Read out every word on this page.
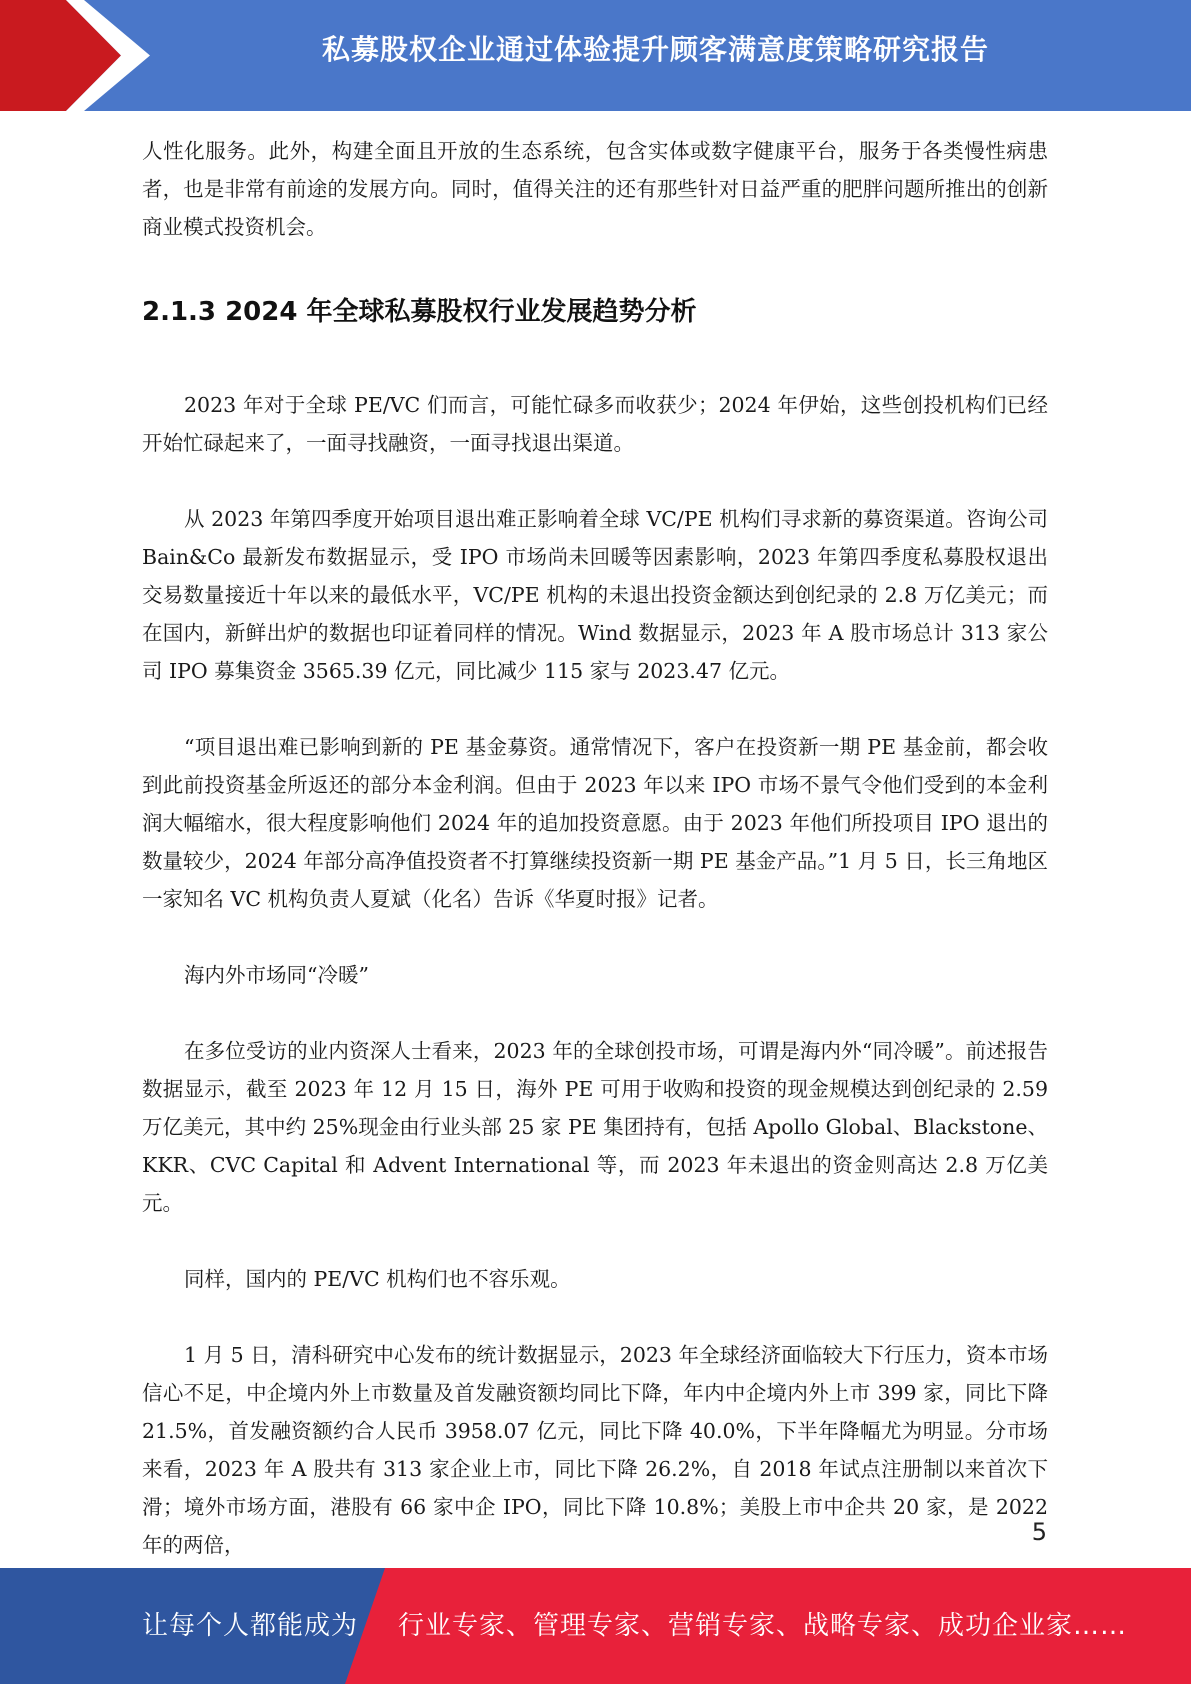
私募股权企业通过体验提升顾客满意度策略研究报告

人性化服务。此外，构建全面且开放的生态系统，包含实体或数字健康平台，服务于各类慢性病患者，也是非常有前途的发展方向。同时，值得关注的还有那些针对日益严重的肥胖问题所推出的创新商业模式投资机会。

2.1.3 2024 年全球私募股权行业发展趋势分析

2023 年对于全球 PE/VC 们而言，可能忙碌多而收获少；2024 年伊始，这些创投机构们已经开始忙碌起来了，一面寻找融资，一面寻找退出渠道。

从 2023 年第四季度开始项目退出难正影响着全球 VC/PE 机构们寻求新的募资渠道。咨询公司 Bain&Co 最新发布数据显示，受 IPO 市场尚未回暖等因素影响，2023 年第四季度私募股权退出交易数量接近十年以来的最低水平，VC/PE 机构的未退出投资金额达到创纪录的 2.8 万亿美元；而在国内，新鲜出炉的数据也印证着同样的情况。Wind 数据显示，2023 年 A 股市场总计 313 家公司 IPO 募集资金 3565.39 亿元，同比减少 115 家与 2023.47 亿元。

“项目退出难已影响到新的 PE 基金募资。通常情况下，客户在投资新一期 PE 基金前，都会收到此前投资基金所返还的部分本金利润。但由于 2023 年以来 IPO 市场不景气令他们受到的本金利润大幅缩水，很大程度影响他们 2024 年的追加投资意愿。由于 2023 年他们所投项目 IPO 退出的数量较少，2024 年部分高净值投资者不打算继续投资新一期 PE 基金产品。”1 月 5 日，长三角地区一家知名 VC 机构负责人夏斌（化名）告诉《华夏时报》记者。

海内外市场同“冷暖”

在多位受访的业内资深人士看来，2023 年的全球创投市场，可谓是海内外“同冷暖”。前述报告数据显示，截至 2023 年 12 月 15 日，海外 PE 可用于收购和投资的现金规模达到创纪录的 2.59 万亿美元，其中约 25%现金由行业头部 25 家 PE 集团持有，包括 Apollo Global、Blackstone、KKR、CVC Capital 和 Advent International 等，而 2023 年未退出的资金则高达 2.8 万亿美元。

同样，国内的 PE/VC 机构们也不容乐观。

1 月 5 日，清科研究中心发布的统计数据显示，2023 年全球经济面临较大下行压力，资本市场信心不足，中企境内外上市数量及首发融资额均同比下降，年内中企境内外上市 399 家，同比下降 21.5%，首发融资额约合人民币 3958.07 亿元，同比下降 40.0%，下半年降幅尤为明显。分市场来看，2023 年 A 股共有 313 家企业上市，同比下降 26.2%，自 2018 年试点注册制以来首次下滑；境外市场方面，港股有 66 家中企 IPO，同比下降 10.8%；美股上市中企共 20 家，是 2022 年的两倍，	5
让每个人都能成为 行业专家、管理专家、营销专家、战略专家、成功企业家……
